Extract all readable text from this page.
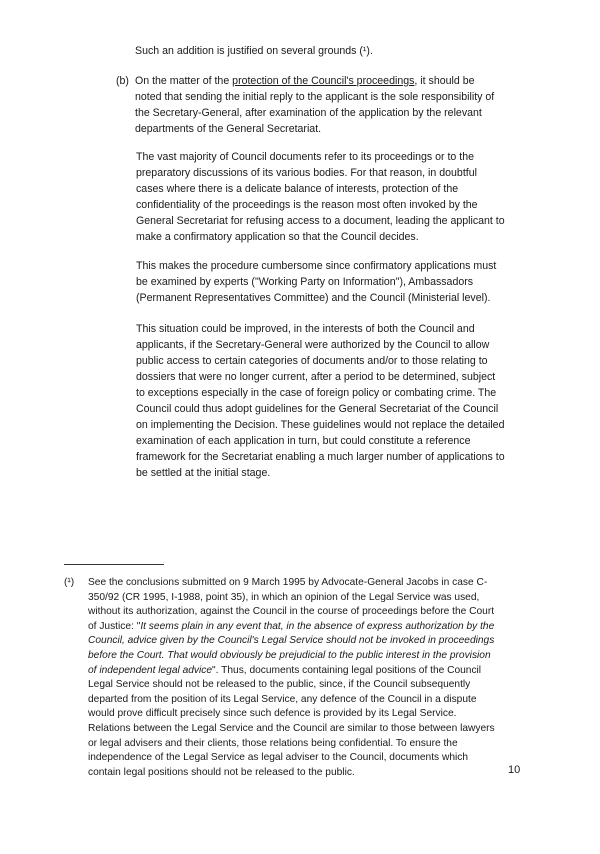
Such an addition is justified on several grounds (¹).
(b) On the matter of the protection of the Council's proceedings, it should be
noted that sending the initial reply to the applicant is the sole responsibility of
the Secretary-General, after examination of the application by the relevant
departments of the General Secretariat.
The vast majority of Council documents refer to its proceedings or to the
preparatory discussions of its various bodies. For that reason, in doubtful
cases where there is a delicate balance of interests, protection of the
confidentiality of the proceedings is the reason most often invoked by the
General Secretariat for refusing access to a document, leading the applicant to
make a confirmatory application so that the Council decides.
This makes the procedure cumbersome since confirmatory applications must
be examined by experts ("Working Party on Information"), Ambassadors
(Permanent Representatives Committee) and the Council (Ministerial level).
This situation could be improved, in the interests of both the Council and
applicants, if the Secretary-General were authorized by the Council to allow
public access to certain categories of documents and/or to those relating to
dossiers that were no longer current, after a period to be determined, subject
to exceptions especially in the case of foreign policy or combating crime. The
Council could thus adopt guidelines for the General Secretariat of the Council
on implementing the Decision. These guidelines would not replace the detailed
examination of each application in turn, but could constitute a reference
framework for the Secretariat enabling a much larger number of applications to
be settled at the initial stage.
(¹) See the conclusions submitted on 9 March 1995 by Advocate-General Jacobs in case C-
350/92 (CR 1995, I-1988, point 35), in which an opinion of the Legal Service was used,
without its authorization, against the Council in the course of proceedings before the Court
of Justice: "It seems plain in any event that, in the absence of express authorization by the
Council, advice given by the Council's Legal Service should not be invoked in proceedings
before the Court. That would obviously be prejudicial to the public interest in the provision
of independent legal advice". Thus, documents containing legal positions of the Council
Legal Service should not be released to the public, since, if the Council subsequently
departed from the position of its Legal Service, any defence of the Council in a dispute
would prove difficult precisely since such defence is provided by its Legal Service.
Relations between the Legal Service and the Council are similar to those between lawyers
or legal advisers and their clients, those relations being confidential. To ensure the
independence of the Legal Service as legal adviser to the Council, documents which
contain legal positions should not be released to the public.	10
